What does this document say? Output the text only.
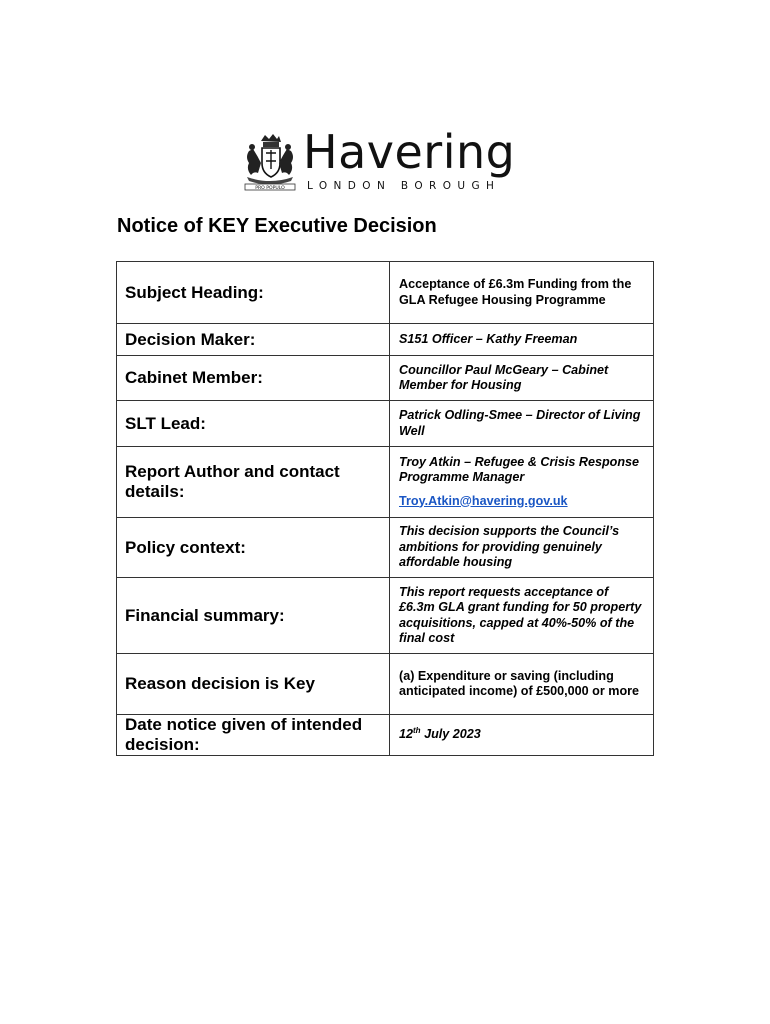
PRO POPULO
Havering
LONDON BOROUGH
Notice of KEY Executive Decision
Subject Heading:	Acceptance of £6.3m Funding from the GLA Refugee Housing Programme

Decision Maker:	S151 Officer – Kathy Freeman

Cabinet Member:	Councillor Paul McGeary – Cabinet Member for Housing

SLT Lead:	Patrick Odling-Smee – Director of Living Well

Report Author and contact details:	Troy Atkin – Refugee & Crisis Response Programme Manager
Troy.Atkin@havering.gov.uk

Policy context:	This decision supports the Council’s ambitions for providing genuinely affordable housing

Financial summary:	This report requests acceptance of £6.3m GLA grant funding for 50 property acquisitions, capped at 40%-50% of the final cost

Reason decision is Key	(a) Expenditure or saving (including anticipated income) of £500,000 or more

Date notice given of intended decision:	12th July 2023
